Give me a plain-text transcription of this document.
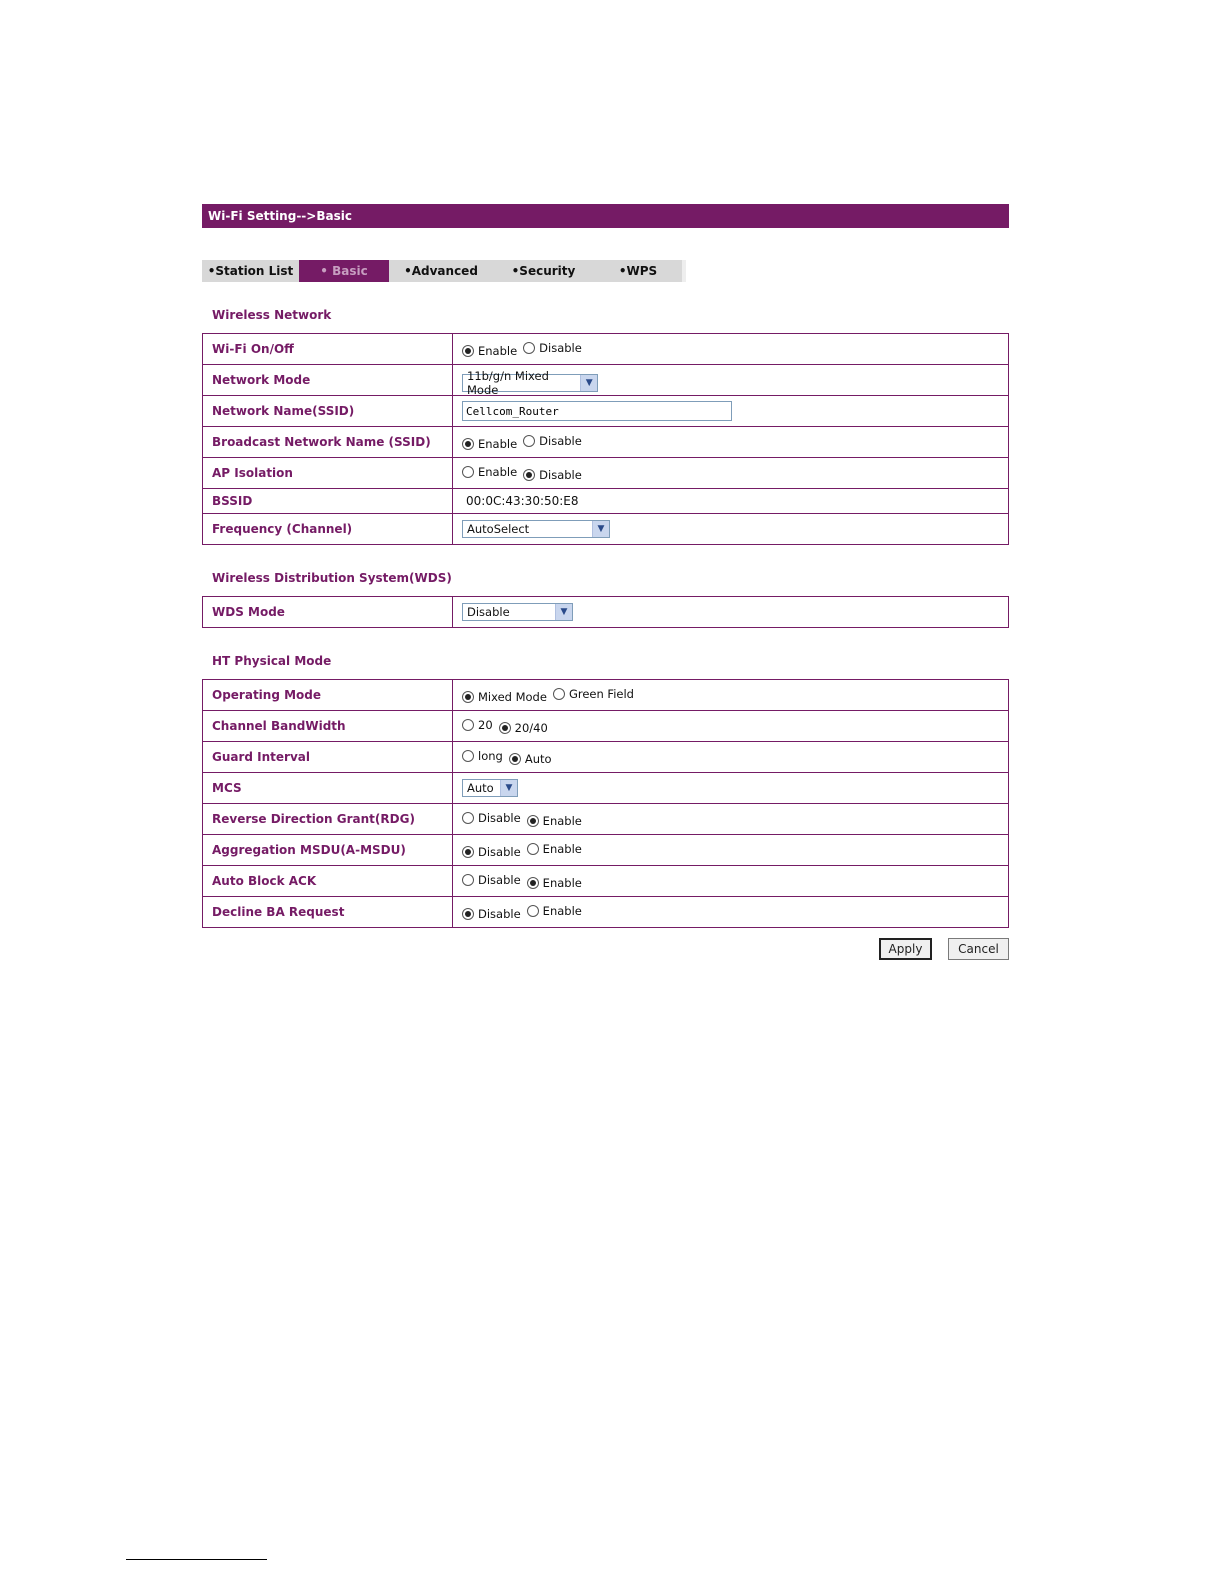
Wi-Fi Setting-->Basic
•Station List	• Basic	•Advanced	•Security	•WPS
Wireless Network
Wi-Fi On/Off	Enable Disable

Network Mode	11b/g/n Mixed Mode ▼

Network Name(SSID)	Cellcom_Router
Broadcast Network Name (SSID)	Enable Disable

AP Isolation	Enable Disable

BSSID	00:0C:43:30:50:E8
Frequency (Channel)	AutoSelect ▼
Wireless Distribution System(WDS)
WDS Mode	Disable	▼
HT Physical Mode
Operating Mode	Mixed Mode Green Field

Channel BandWidth	20 20/40

Guard Interval	long Auto

MCS	Auto ▼

Reverse Direction Grant(RDG)	Disable Enable

Aggregation MSDU(A-MSDU)	Disable Enable

Auto Block ACK	Disable Enable

Decline BA Request	Disable Enable
Apply	Cancel
